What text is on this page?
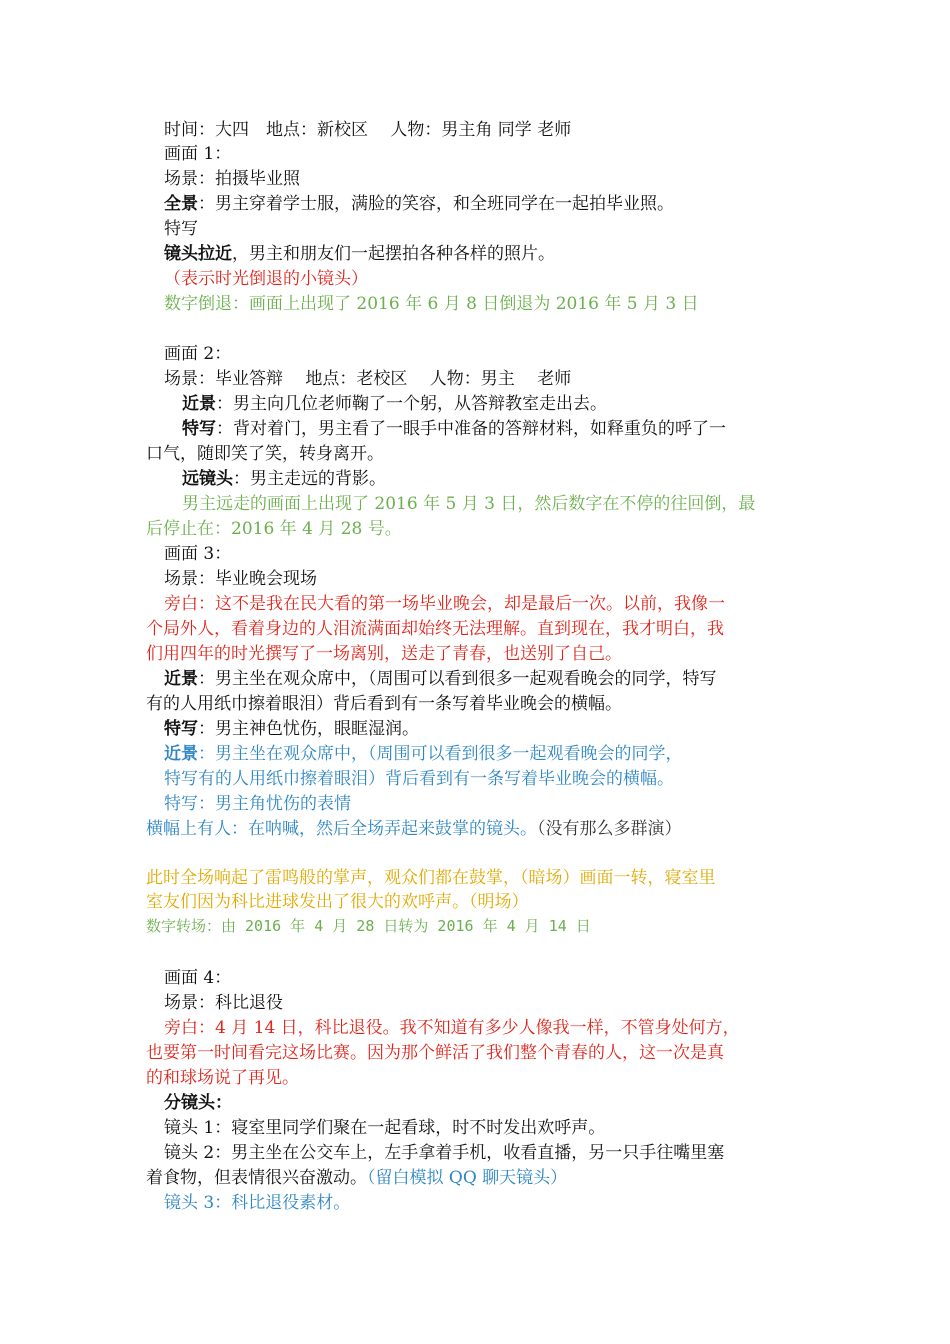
时间：大四　地点：新校区　 人物：男主角 同学 老师
画面 1：
场景：拍摄毕业照
全景：男主穿着学士服，满脸的笑容，和全班同学在一起拍毕业照。
特写
镜头拉近，男主和朋友们一起摆拍各种各样的照片。
（表示时光倒退的小镜头）
数字倒退：画面上出现了 2016 年 6 月 8 日倒退为 2016 年 5 月 3 日
画面 2：
场景：毕业答辩　 地点：老校区　 人物：男主　 老师
近景：男主向几位老师鞠了一个躬，从答辩教室走出去。
特写：背对着门，男主看了一眼手中准备的答辩材料，如释重负的呼了一
口气，随即笑了笑，转身离开。
远镜头：男主走远的背影。
男主远走的画面上出现了 2016 年 5 月 3 日，然后数字在不停的往回倒，最
后停止在：2016 年 4 月 28 号。
画面 3：
场景：毕业晚会现场
旁白：这不是我在民大看的第一场毕业晚会，却是最后一次。以前，我像一
个局外人，看着身边的人泪流满面却始终无法理解。直到现在，我才明白，我
们用四年的时光撰写了一场离别，送走了青春，也送别了自己。
近景：男主坐在观众席中，（周围可以看到很多一起观看晚会的同学，特写
有的人用纸巾擦着眼泪）背后看到有一条写着毕业晚会的横幅。
特写：男主神色忧伤，眼眶湿润。
近景：男主坐在观众席中，（周围可以看到很多一起观看晚会的同学，
特写有的人用纸巾擦着眼泪）背后看到有一条写着毕业晚会的横幅。
特写：男主角忧伤的表情
横幅上有人：在呐喊，然后全场弄起来鼓掌的镜头。（没有那么多群演）
此时全场响起了雷鸣般的掌声，观众们都在鼓掌，（暗场）画面一转，寝室里
室友们因为科比进球发出了很大的欢呼声。（明场）
数字转场：由 2016 年 4 月 28 日转为 2016 年 4 月 14 日
画面 4：
场景：科比退役
旁白：4 月 14 日，科比退役。我不知道有多少人像我一样，不管身处何方，
也要第一时间看完这场比赛。因为那个鲜活了我们整个青春的人，这一次是真
的和球场说了再见。
分镜头：
镜头 1：寝室里同学们聚在一起看球，时不时发出欢呼声。
镜头 2：男主坐在公交车上，左手拿着手机，收看直播，另一只手往嘴里塞
着食物，但表情很兴奋激动。（留白模拟 QQ 聊天镜头）
镜头 3：科比退役素材。
